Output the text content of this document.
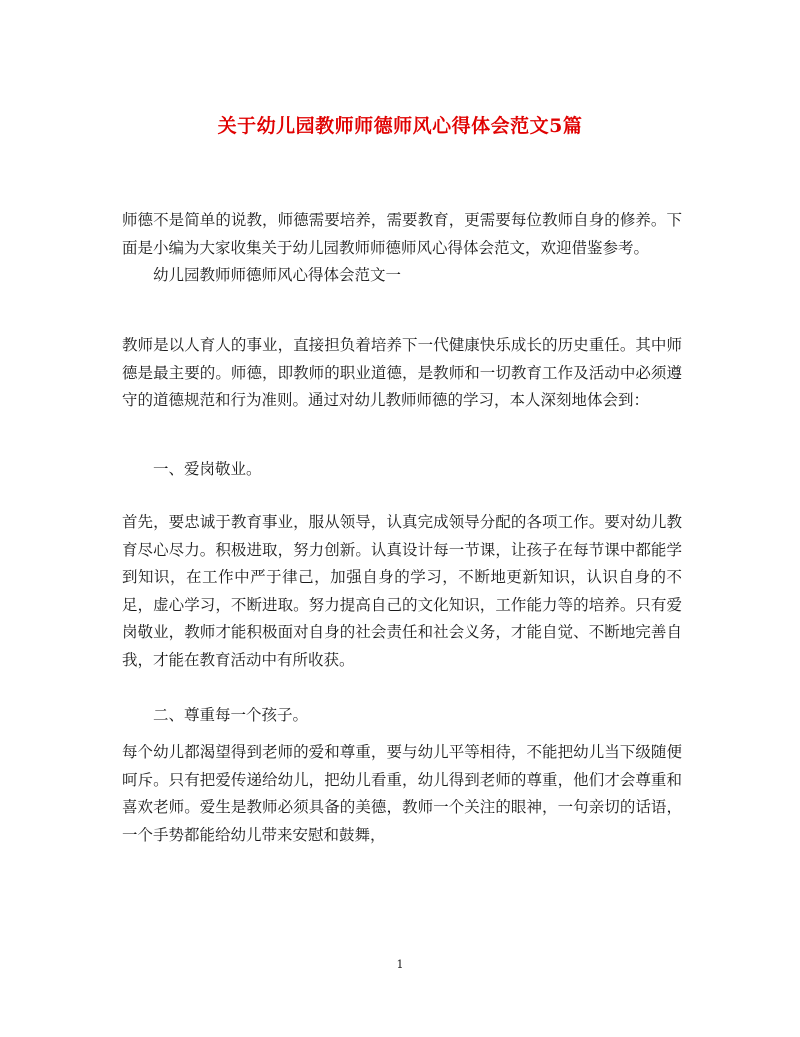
关于幼儿园教师师德师风心得体会范文5篇
师德不是简单的说教，师德需要培养，需要教育，更需要每位教师自身的修养。下面是小编为大家收集关于幼儿园教师师德师风心得体会范文，欢迎借鉴参考。
幼儿园教师师德师风心得体会范文一
教师是以人育人的事业，直接担负着培养下一代健康快乐成长的历史重任。其中师德是最主要的。师德，即教师的职业道德，是教师和一切教育工作及活动中必须遵守的道德规范和行为准则。通过对幼儿教师师德的学习，本人深刻地体会到：
一、爱岗敬业。
首先，要忠诚于教育事业，服从领导，认真完成领导分配的各项工作。要对幼儿教育尽心尽力。积极进取，努力创新。认真设计每一节课，让孩子在每节课中都能学到知识，在工作中严于律己，加强自身的学习，不断地更新知识，认识自身的不足，虚心学习，不断进取。努力提高自己的文化知识，工作能力等的培养。只有爱岗敬业，教师才能积极面对自身的社会责任和社会义务，才能自觉、不断地完善自我，才能在教育活动中有所收获。
二、尊重每一个孩子。
每个幼儿都渴望得到老师的爱和尊重，要与幼儿平等相待，不能把幼儿当下级随便呵斥。只有把爱传递给幼儿，把幼儿看重，幼儿得到老师的尊重，他们才会尊重和喜欢老师。爱生是教师必须具备的美德，教师一个关注的眼神，一句亲切的话语，一个手势都能给幼儿带来安慰和鼓舞，
1
